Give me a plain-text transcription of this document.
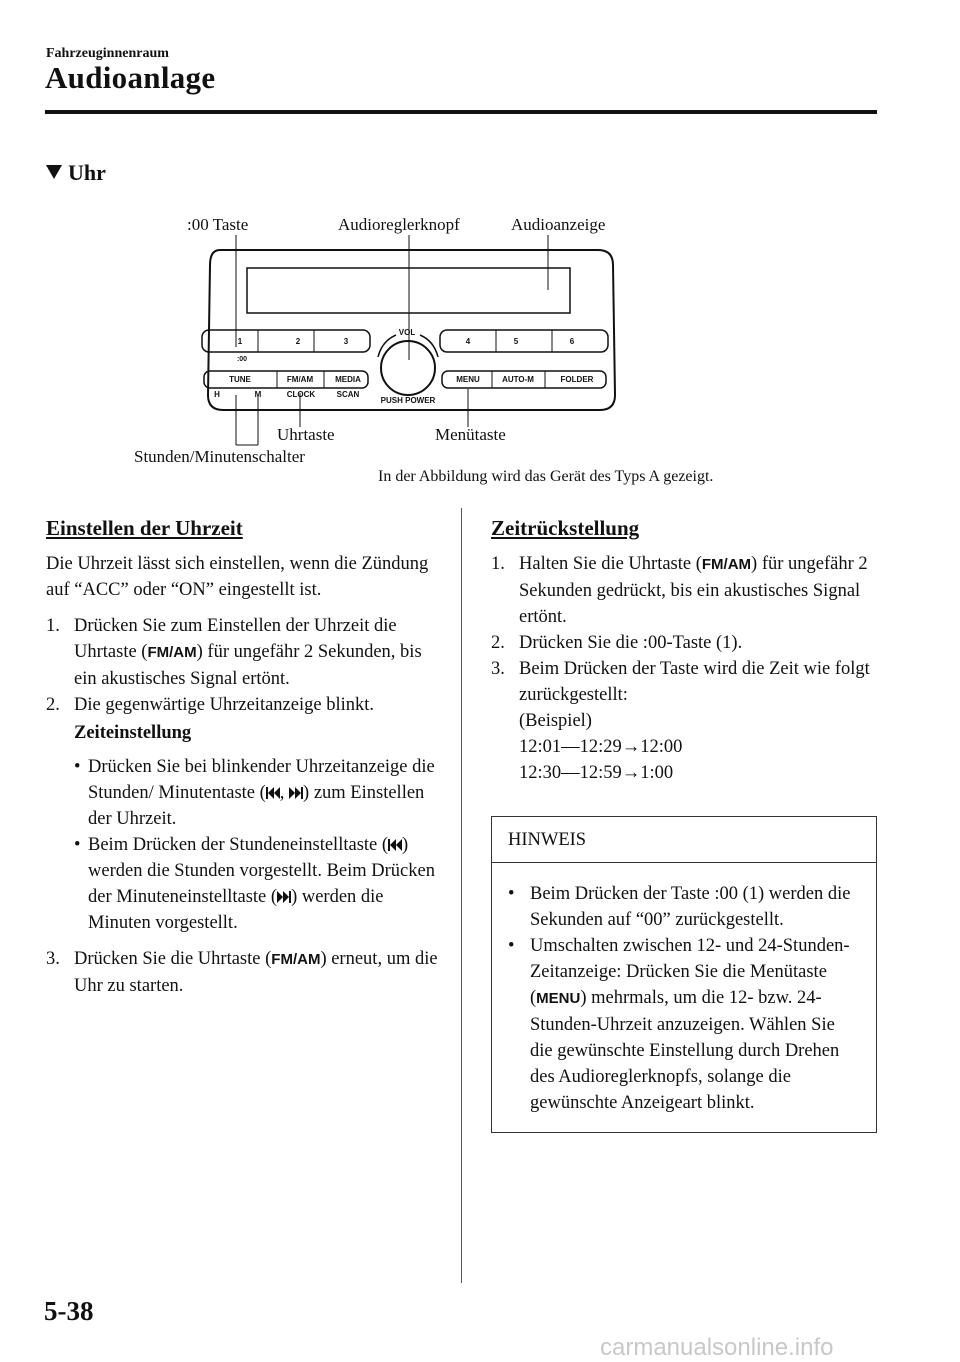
Fahrzeuginnenraum
Audioanlage
Uhr
:00 Taste	Audioreglerknopf	Audioanzeige
Uhrtaste	Menütaste
Stunden/Minutenschalter
In der Abbildung wird das Gerät des Typs A gezeigt.
1	2	3
:00
4	5	6
VOL
PUSH POWER
TUNE	FM/AM	MEDIA	MENU	AUTO-M	FOLDER
H	M	CLOCK	SCAN
Einstellen der Uhrzeit

Die Uhrzeit lässt sich einstellen, wenn die Zündung auf “ACC” oder “ON” eingestellt ist.

1. Drücken Sie zum Einstellen der Uhrzeit die Uhrtaste (FM/AM) für ungefähr 2 Sekunden, bis ein akustisches Signal ertönt.
2. Die gegenwärtige Uhrzeitanzeige blinkt.
Zeiteinstellung
• Drücken Sie bei blinkender Uhrzeitanzeige die Stunden/ Minutentaste ( , ) zum Einstellen der Uhrzeit.
• Beim Drücken der Stundeneinstelltaste ( ) werden die Stunden vorgestellt. Beim Drücken der Minuteneinstelltaste ( ) werden die Minuten vorgestellt.
3. Drücken Sie die Uhrtaste (FM/AM) erneut, um die Uhr zu starten.
Zeitrückstellung
1. Halten Sie die Uhrtaste (FM/AM) für ungefähr 2 Sekunden gedrückt, bis ein akustisches Signal ertönt.
2. Drücken Sie die :00-Taste (1).
3. Beim Drücken der Taste wird die Zeit wie folgt zurückgestellt:
(Beispiel)
12:01—12:29→12:00
12:30—12:59→1:00
HINWEIS
• Beim Drücken der Taste :00 (1) werden die Sekunden auf “00” zurückgestellt.
• Umschalten zwischen 12- und 24-Stunden-Zeitanzeige: Drücken Sie die Menütaste (MENU) mehrmals, um die 12- bzw. 24-Stunden-Uhrzeit anzuzeigen. Wählen Sie die gewünschte Einstellung durch Drehen des Audioreglerknopfs, solange die gewünschte Anzeigeart blinkt.
5-38
carmanualsonline.info
